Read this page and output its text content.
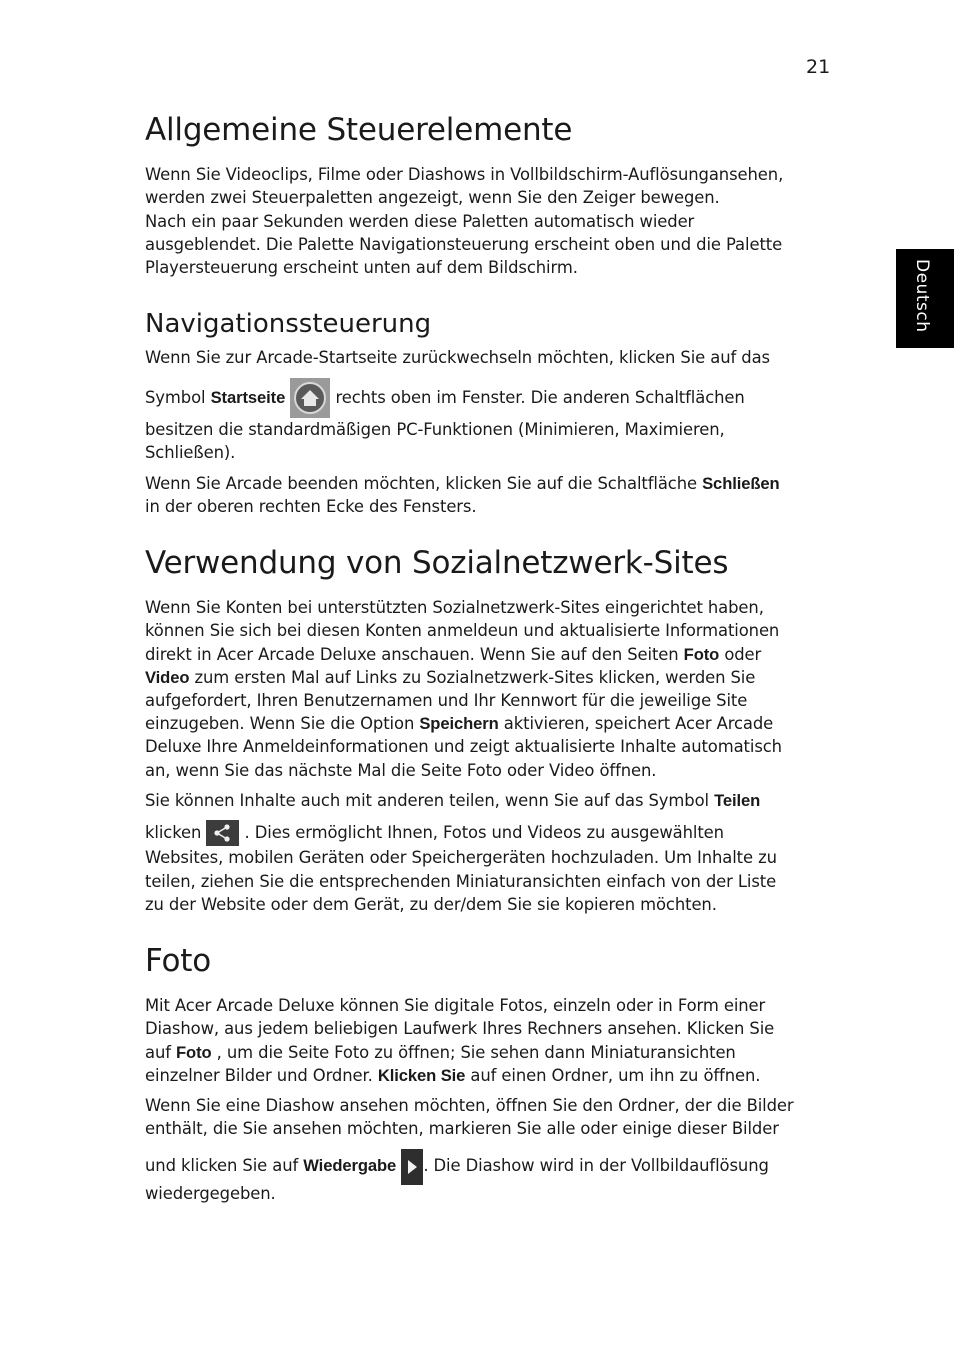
21
Deutsch
Allgemeine Steuerelemente

Wenn Sie Videoclips, Filme oder Diashows in Vollbildschirm-Auflösungansehen,
werden zwei Steuerpaletten angezeigt, wenn Sie den Zeiger bewegen.
Nach ein paar Sekunden werden diese Paletten automatisch wieder
ausgeblendet. Die Palette Navigationsteuerung erscheint oben und die Palette
Playersteuerung erscheint unten auf dem Bildschirm.

Navigationssteuerung

Wenn Sie zur Arcade-Startseite zurückwechseln möchten, klicken Sie auf das

Symbol Startseite	rechts oben im Fenster. Die anderen Schaltflächen

besitzen die standardmäßigen PC-Funktionen (Minimieren, Maximieren,
Schließen).

Wenn Sie Arcade beenden möchten, klicken Sie auf die Schaltfläche Schließen
in der oberen rechten Ecke des Fensters.

Verwendung von Sozialnetzwerk-Sites

Wenn Sie Konten bei unterstützten Sozialnetzwerk-Sites eingerichtet haben,
können Sie sich bei diesen Konten anmeldeun und aktualisierte Informationen
direkt in Acer Arcade Deluxe anschauen. Wenn Sie auf den Seiten Foto oder
Video zum ersten Mal auf Links zu Sozialnetzwerk-Sites klicken, werden Sie
aufgefordert, Ihren Benutzernamen und Ihr Kennwort für die jeweilige Site
einzugeben. Wenn Sie die Option Speichern aktivieren, speichert Acer Arcade
Deluxe Ihre Anmeldeinformationen und zeigt aktualisierte Inhalte automatisch
an, wenn Sie das nächste Mal die Seite Foto oder Video öffnen.

Sie können Inhalte auch mit anderen teilen, wenn Sie auf das Symbol Teilen

klicken
. Dies ermöglicht Ihnen, Fotos und Videos zu ausgewählten

Websites, mobilen Geräten oder Speichergeräten hochzuladen. Um Inhalte zu
teilen, ziehen Sie die entsprechenden Miniaturansichten einfach von der Liste
zu der Website oder dem Gerät, zu der/dem Sie sie kopieren möchten.

Foto

Mit Acer Arcade Deluxe können Sie digitale Fotos, einzeln oder in Form einer
Diashow, aus jedem beliebigen Laufwerk Ihres Rechners ansehen. Klicken Sie
auf Foto , um die Seite Foto zu öffnen; Sie sehen dann Miniaturansichten
einzelner Bilder und Ordner. Klicken Sie auf einen Ordner, um ihn zu öffnen.

Wenn Sie eine Diashow ansehen möchten, öffnen Sie den Ordner, der die Bilder
enthält, die Sie ansehen möchten, markieren Sie alle oder einige dieser Bilder

und klicken Sie auf Wiedergabe . Die Diashow wird in der Vollbildauflösung

wiedergegeben.
